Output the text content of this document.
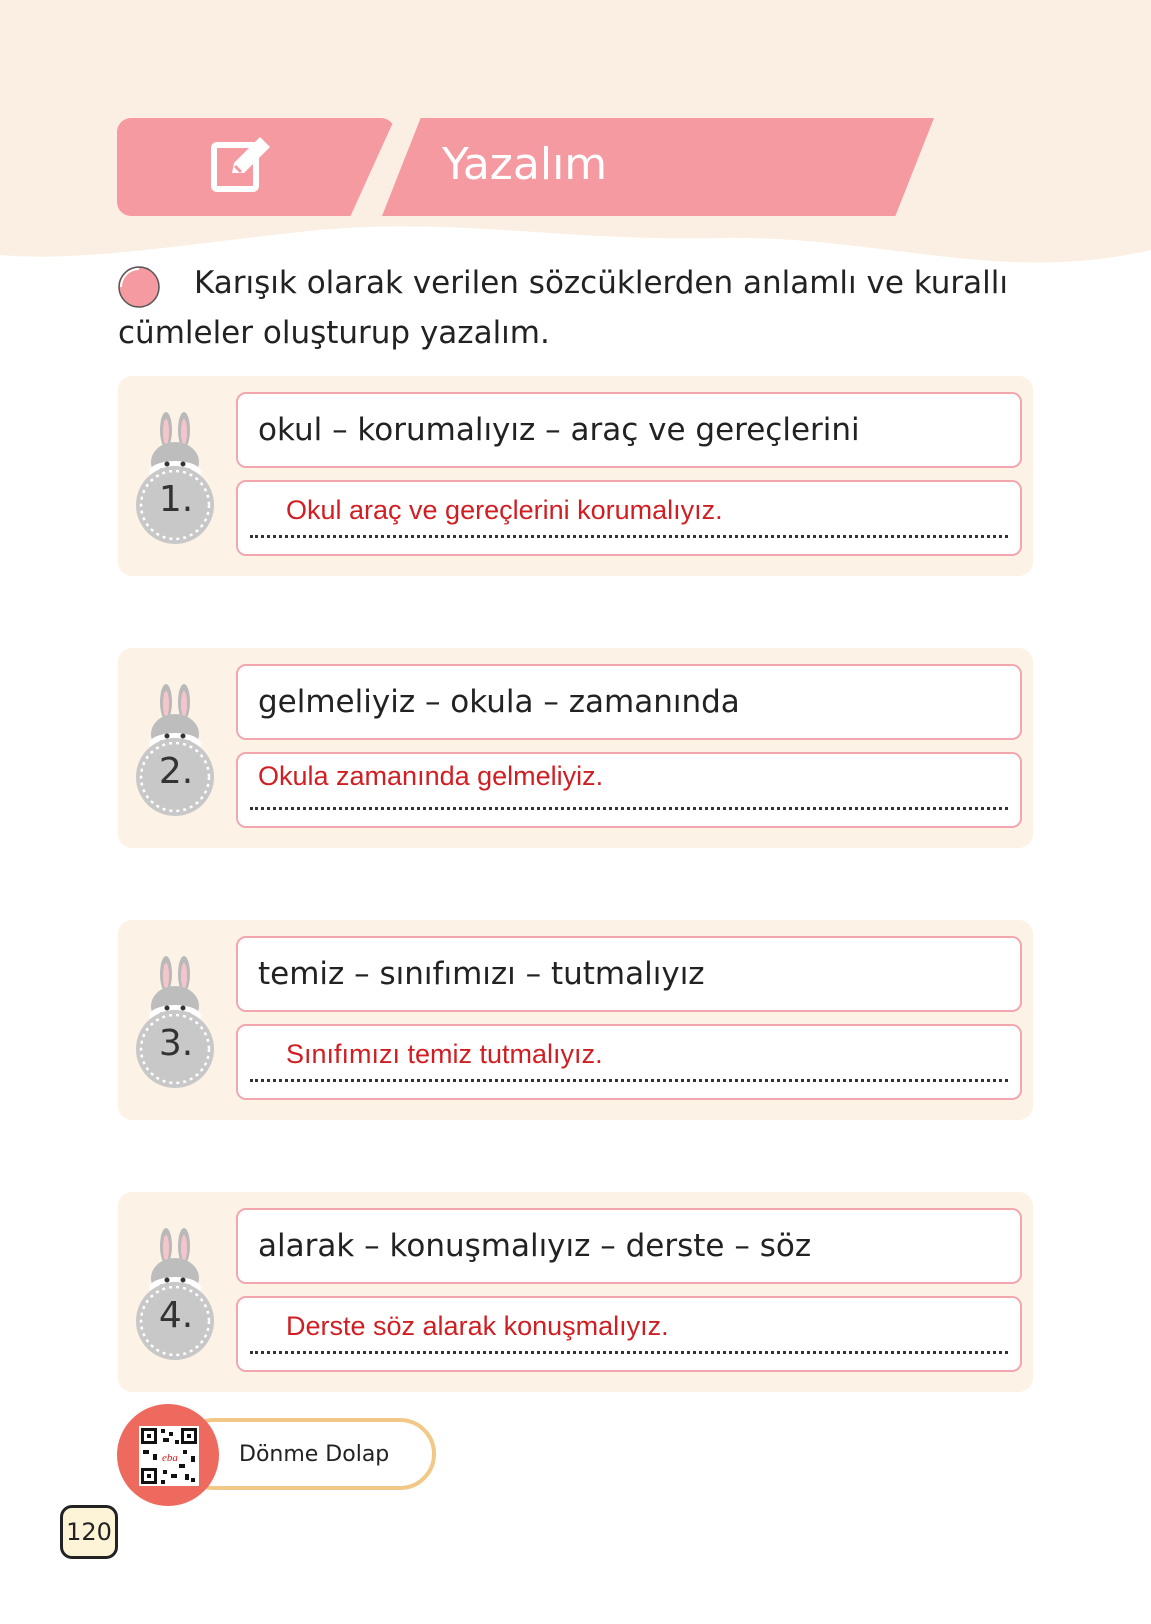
Yazalım
Karışık olarak verilen sözcüklerden anlamlı ve kurallı cümleler oluşturup yazalım.
1.
okul – korumalıyız – araç ve gereçlerini
Okul araç ve gereçlerini korumalıyız.
2.
gelmeliyiz – okula – zamanında
Okula zamanında gelmeliyiz.
3.
temiz – sınıfımızı – tutmalıyız
Sınıfımızı temiz tutmalıyız.
4.
alarak – konuşmalıyız – derste – söz
Derste söz alarak konuşmalıyız.
Dönme Dolap
eba
120
